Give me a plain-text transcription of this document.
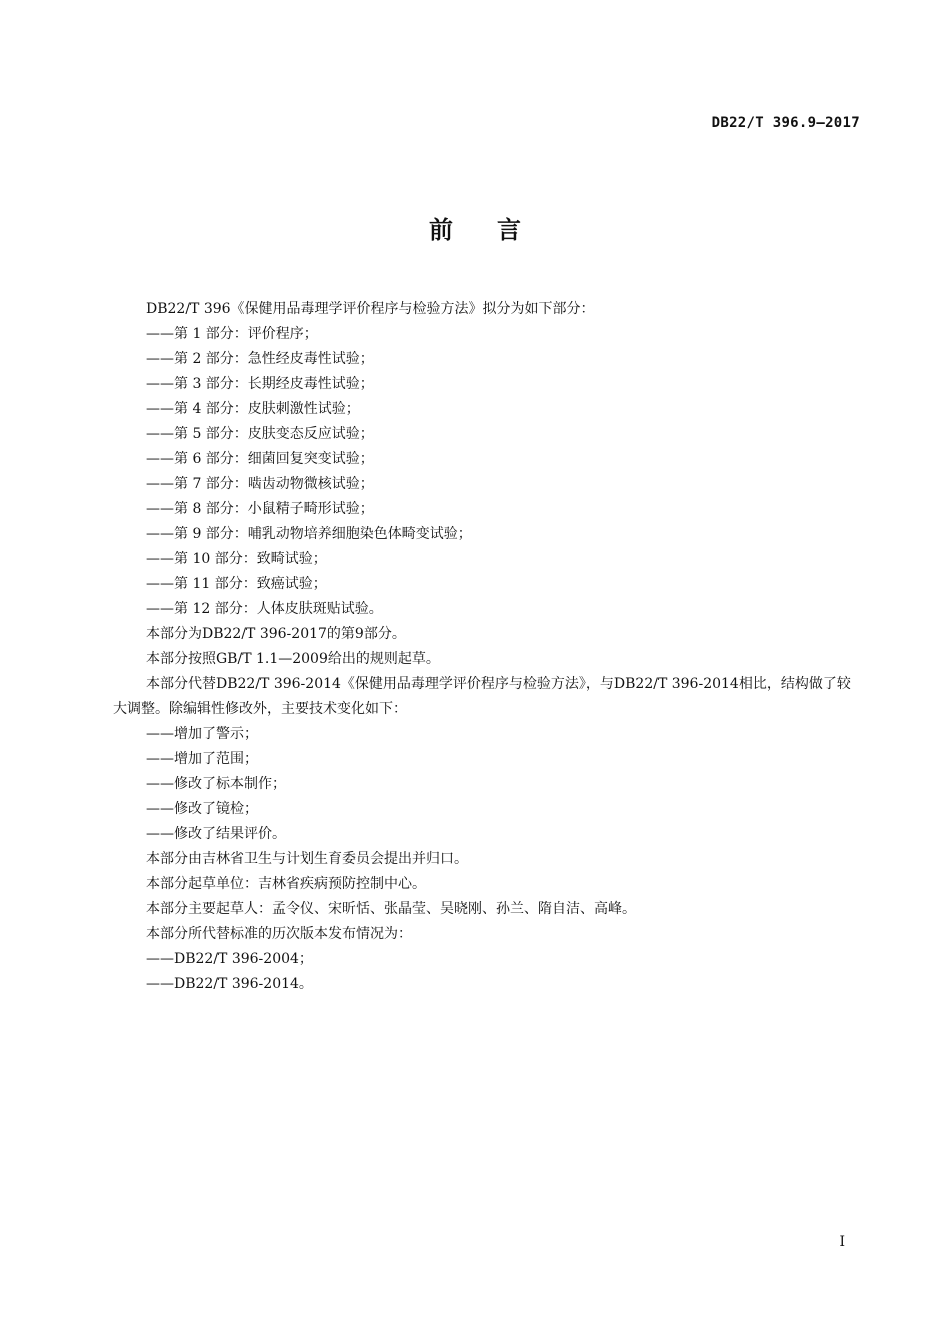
DB22/T 396.9—2017
前言

DB22/T 396《保健用品毒理学评价程序与检验方法》拟分为如下部分：

——第 1 部分：评价程序；

——第 2 部分：急性经皮毒性试验；

——第 3 部分：长期经皮毒性试验；

——第 4 部分：皮肤刺激性试验；

——第 5 部分：皮肤变态反应试验；

——第 6 部分：细菌回复突变试验；

——第 7 部分：啮齿动物微核试验；

——第 8 部分：小鼠精子畸形试验；

——第 9 部分：哺乳动物培养细胞染色体畸变试验；

——第 10 部分：致畸试验；

——第 11 部分：致癌试验；

——第 12 部分：人体皮肤斑贴试验。

本部分为DB22/T 396-2017的第9部分。

本部分按照GB/T 1.1—2009给出的规则起草。

本部分代替DB22/T 396-2014《保健用品毒理学评价程序与检验方法》，与DB22/T 396-2014相比，结构做了较大调整。除编辑性修改外，主要技术变化如下：

——增加了警示；

——增加了范围；

——修改了标本制作；

——修改了镜检；

——修改了结果评价。

本部分由吉林省卫生与计划生育委员会提出并归口。

本部分起草单位：吉林省疾病预防控制中心。

本部分主要起草人：孟令仪、宋昕恬、张晶莹、吴晓刚、孙兰、隋自洁、高峰。

本部分所代替标准的历次版本发布情况为：

——DB22/T 396-2004；

——DB22/T 396-2014。

I
